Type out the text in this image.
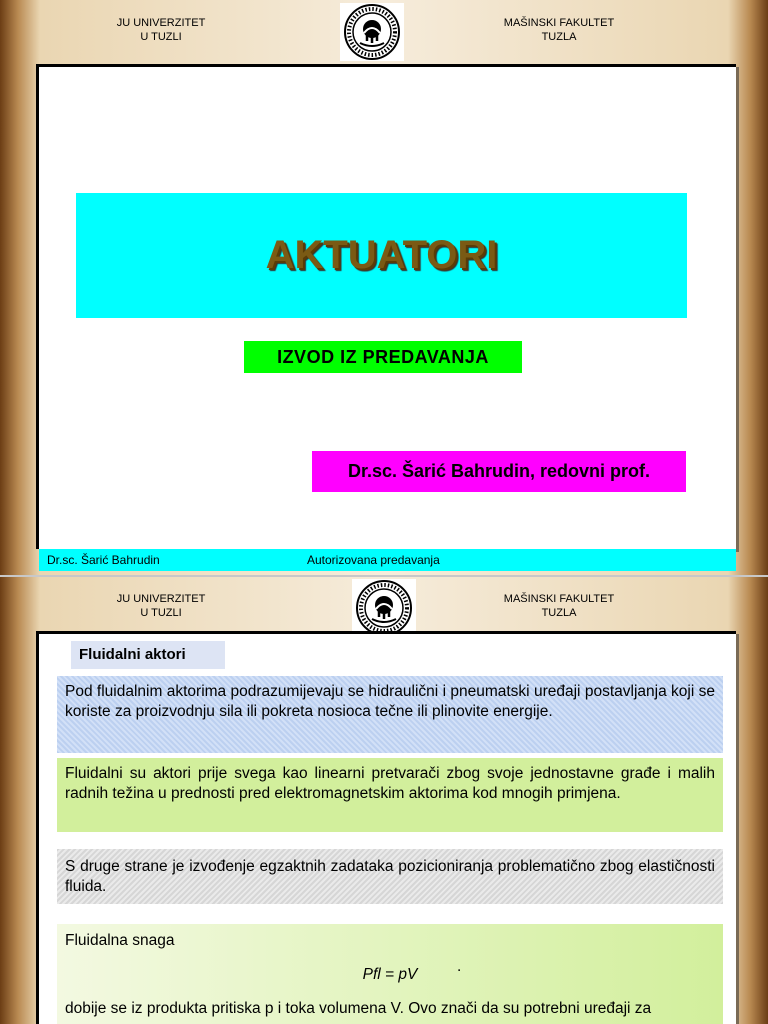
JU UNIVERZITET
U TUZLI
MAŠINSKI FAKULTET
TUZLA
AKTUATORI
IZVOD IZ PREDAVANJA
Dr.sc. Šarić Bahrudin, redovni prof.
Dr.sc. Šarić Bahrudin	Autorizovana predavanja
JU UNIVERZITET
U TUZLI
MAŠINSKI FAKULTET
TUZLA
Fluidalni aktori
Pod fluidalnim aktorima podrazumijevaju se hidraulični i pneumatski uređaji postavljanja koji se koriste za proizvodnju sila ili pokreta nosioca tečne ili plinovite energije.
Fluidalni su aktori prije svega kao linearni pretvarači zbog svoje jednostavne građe i malih radnih težina u prednosti pred elektromagnetskim aktorima kod mnogih primjena.
S druge strane je izvođenje egzaktnih zadataka pozicioniranja problematično zbog elastičnosti fluida.
Fluidalna snaga
.
Pfl = pV
dobije se iz produkta pritiska p i toka volumena V. Ovo znači da su potrebni uređaji za
